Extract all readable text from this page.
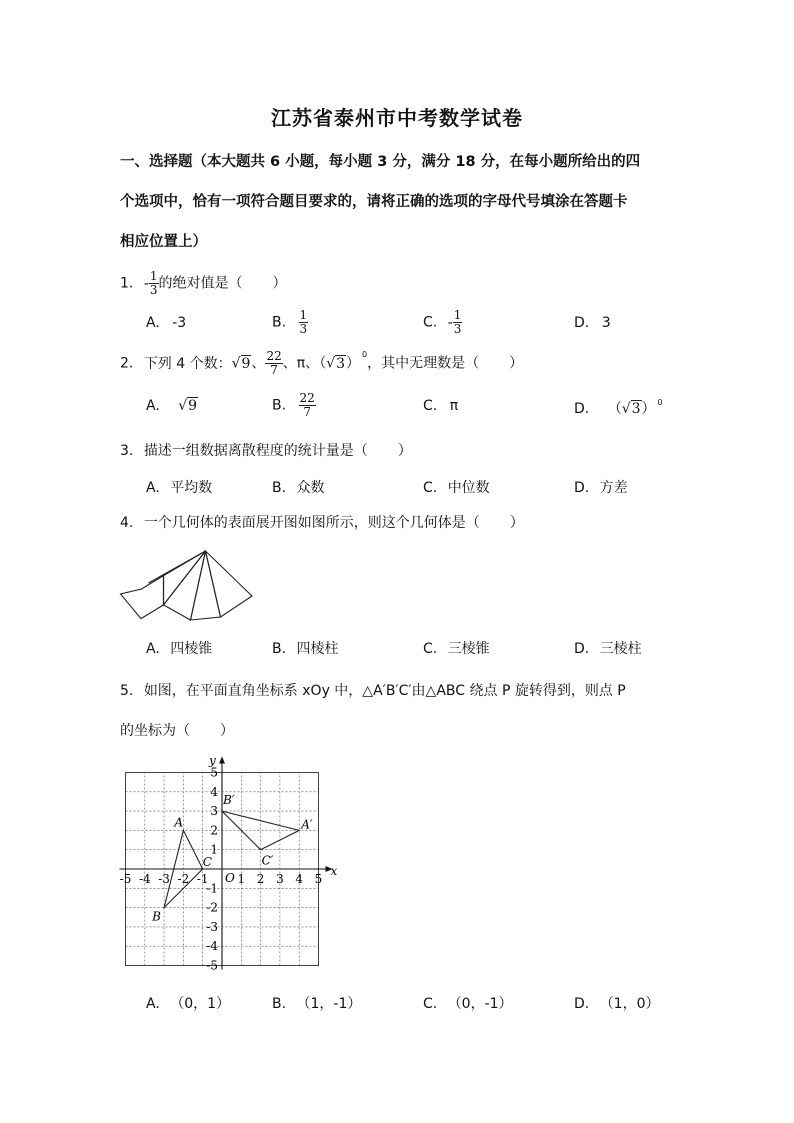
江苏省泰州市中考数学试卷
一、选择题（本大题共 6 小题，每小题 3 分，满分 18 分，在每小题所给出的四
个选项中，恰有一项符合题目要求的，请将正确的选项的字母代号填涂在答题卡
相应位置上）
1. - $\frac{1}{3}$ 的绝对值是（ ）
A. -3	B. $\frac{1}{3}$	C. - $\frac{1}{3}$	D. 3
2. 下列 4 个数：√9、 $\frac{22}{7}$ 、π、$(√3)^0$，其中无理数是（ ）
A. √9	B. $\frac{22}{7}$	C. π	D. （√3） $^0$
3. 描述一组数据离散程度的统计量是（ ）
A. 平均数	B. 众数	C. 中位数	D. 方差
4. 一个几何体的表面展开图如图所示，则这个几何体是（ ）
A. 四棱锥	B. 四棱柱	C. 三棱锥	D. 三棱柱
5. 如图，在平面直角坐标系 xOy 中，△A′B′C′由△ABC 绕点 P 旋转得到，则点 P
的坐标为（ ）
x
y
O
-5 -4 -3 -2 -1 1 2 3 4 5
5
4
3
2
1
-1
-2
-3
-4
-5
A
B
C
A′
B′
C′
A. （0，1）	B. （1，-1）	C. （0，-1）	D. （1，0）
